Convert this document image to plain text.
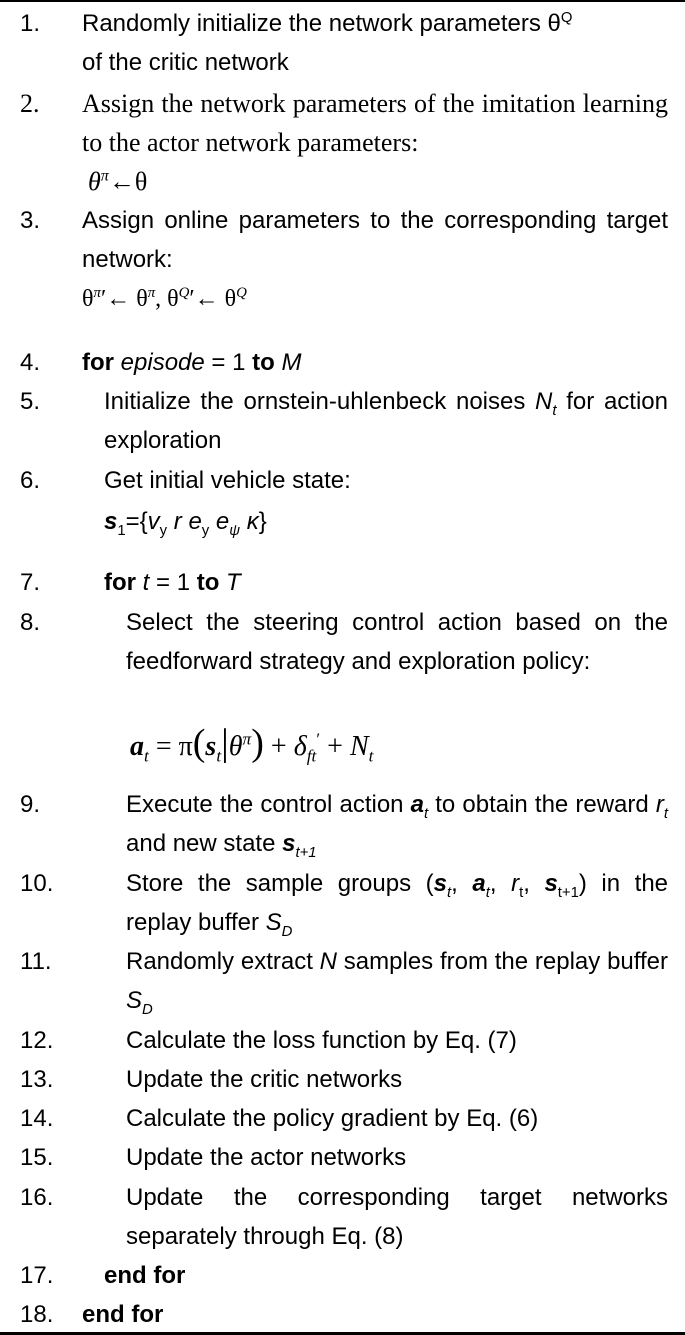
1. Randomly initialize the network parameters $\theta^Q$
of the critic network
2. Assign the network parameters of the imitation learning to the actor network parameters:
$\theta^\pi\leftarrow\theta$
3. Assign online parameters to the corresponding target network:
$\theta^\pi'\leftarrow$ $\theta^\pi$, $\theta^Q'\leftarrow$ $\theta^Q$
4. for episode = 1 to M
5.	Initialize the ornstein-uhlenbeck noises $N_t$ for action exploration
6.	Get initial vehicle state:
$s_1=\{v_y$ r $e_y$ $e_\psi$ κ}
7.	for t = 1 to T
8.	Select the steering control action based on the feedforward strategy and exploration policy:
$a_t = \pi(s_t|\theta^\pi) + \delta_{ft}' + N_t$
9.	Execute the control action $a_t$ to obtain the reward $r_t$ and new state $s_{t+1}$
10.	Store the sample groups ($s_t$, $a_t$, $r_t$, $s_{t+1}$) in the replay buffer $S_D$
11.	Randomly extract N samples from the replay buffer $S_D$
12.	Calculate the loss function by Eq. (7)
13.	Update the critic networks
14.	Calculate the policy gradient by Eq. (6)
15.	Update the actor networks
16.	Update the corresponding target networks separately through Eq. (8)
17. end for
18. end for
